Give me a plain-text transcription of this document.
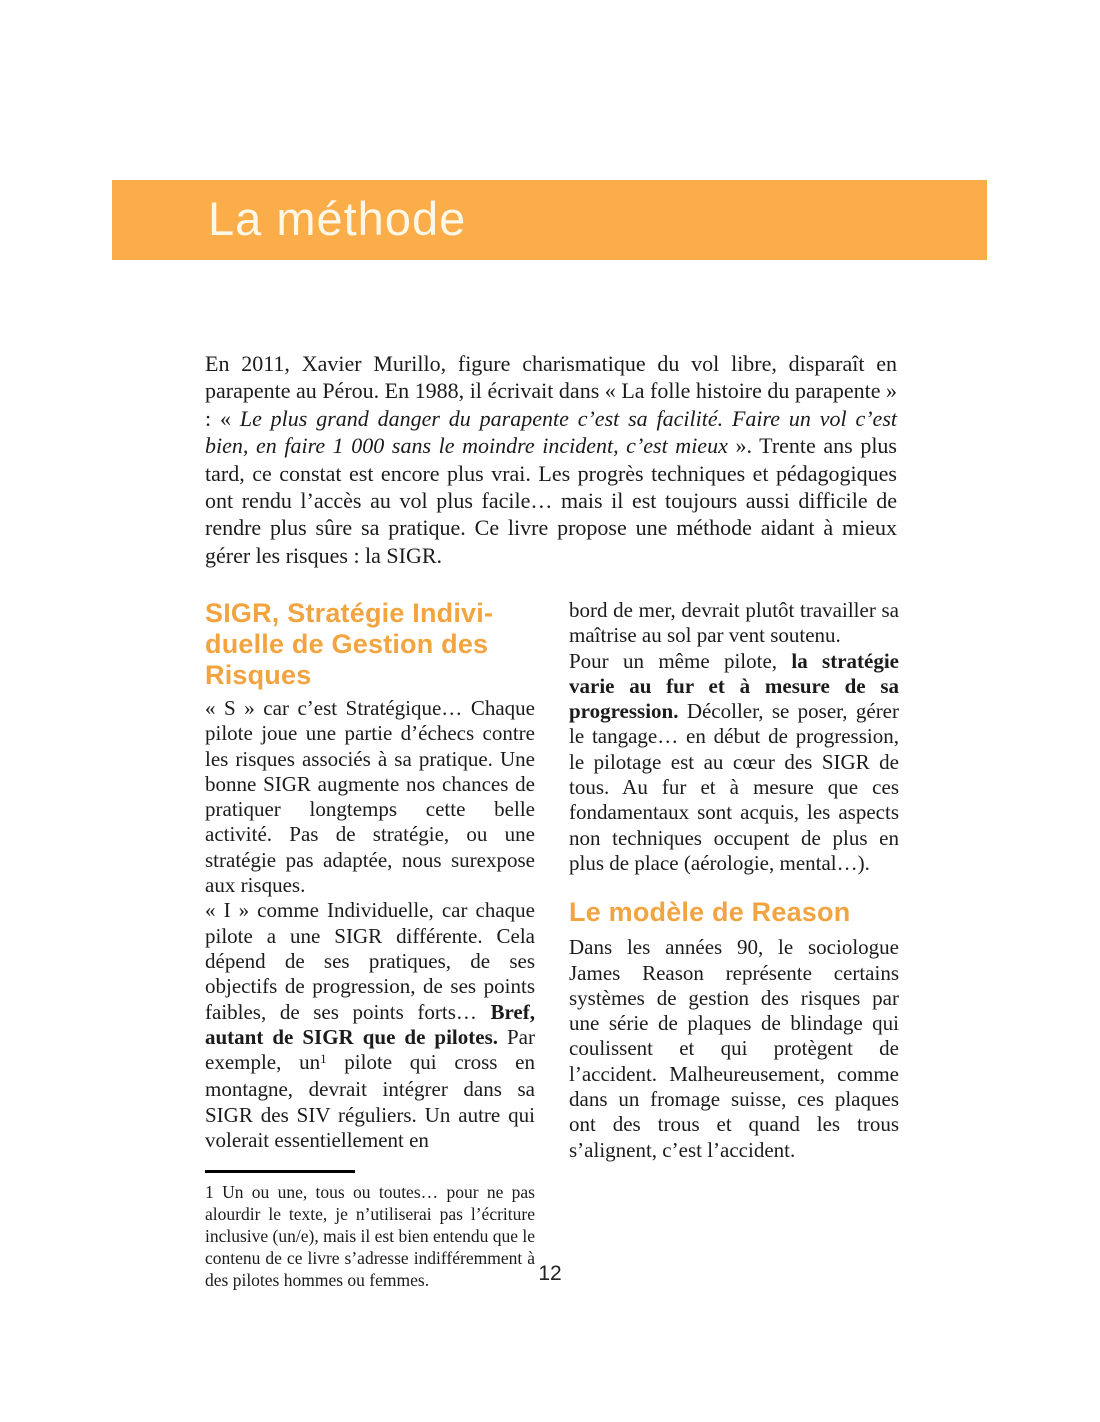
La méthode
En 2011, Xavier Murillo, figure charismatique du vol libre, disparaît en parapente au Pérou. En 1988, il écrivait dans « La folle histoire du parapente » : « Le plus grand danger du parapente c’est sa facilité. Faire un vol c’est bien, en faire 1 000 sans le moindre incident, c’est mieux ». Trente ans plus tard, ce constat est encore plus vrai. Les progrès techniques et pédagogiques ont rendu l’accès au vol plus facile… mais il est toujours aussi difficile de rendre plus sûre sa pratique. Ce livre propose une méthode aidant à mieux gérer les risques : la SIGR.
SIGR, Stratégie Indivi-
duelle de Gestion des
Risques

« S » car c’est Stratégique… Chaque pilote joue une partie d’échecs contre les risques associés à sa pratique. Une bonne SIGR augmente nos chances de pratiquer longtemps cette belle activité. Pas de stratégie, ou une stratégie pas adaptée, nous surexpose aux risques.

« I » comme Individuelle, car chaque pilote a une SIGR différente. Cela dépend de ses pratiques, de ses objectifs de progression, de ses points faibles, de ses points forts… Bref, autant de SIGR que de pilotes. Par exemple, $un^1$ pilote qui cross en montagne, devrait intégrer dans sa SIGR des SIV réguliers. Un autre qui volerait essentiellement en

1 Un ou une, tous ou toutes… pour ne pas alourdir le texte, je n’utiliserai pas l’écriture inclusive (un/e), mais il est bien entendu que le contenu de ce livre s’adresse indifféremment à des pilotes hommes ou femmes.

bord de mer, devrait plutôt travailler sa maîtrise au sol par vent soutenu.

Pour un même pilote, la stratégie varie au fur et à mesure de sa progression. Décoller, se poser, gérer le tangage… en début de progression, le pilotage est au cœur des SIGR de tous. Au fur et à mesure que ces fondamentaux sont acquis, les aspects non techniques occupent de plus en plus de place (aérologie, mental…).

Le modèle de Reason

Dans les années 90, le sociologue James Reason représente certains systèmes de gestion des risques par une série de plaques de blindage qui coulissent et qui protègent de l’accident. Malheureusement, comme dans un fromage suisse, ces plaques ont des trous et quand les trous s’alignent, c’est l’accident.

12
